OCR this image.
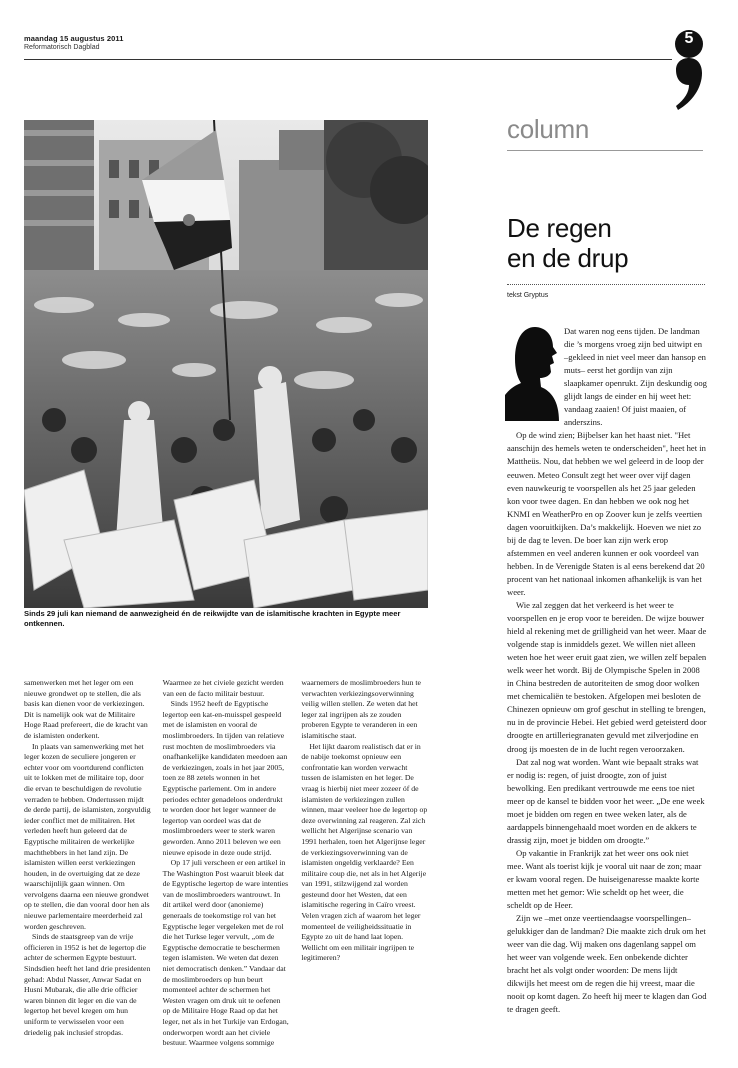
maandag 15 augustus 2011
Reformatorisch Dagblad
5
Sinds 29 juli kan niemand de aanwezigheid én de reikwijdte van de islamitische krachten in Egypte meer ontkennen.
column
De regen
en de drup
tekst Gryptus

Dat waren nog eens tijden. De landman die ’s morgens vroeg zijn bed uitwipt en –gekleed in niet veel meer dan hansop en muts– eerst het gordijn van zijn slaapkamer openrukt. Zijn deskundig oog glijdt langs de einder en hij weet het: vandaag zaaien! Of juist maaien, of anderszins.

Op de wind zien; Bijbelser kan het haast niet. "Het aanschijn des hemels weten te onderscheiden", heet het in Mattheüs. Nou, dat hebben we wel geleerd in de loop der eeuwen. Meteo Consult zegt het weer over vijf dagen even nauwkeurig te voorspellen als het 25 jaar geleden kon voor twee dagen. En dan hebben we ook nog het KNMI en WeatherPro en op Zoover kun je zelfs veertien dagen vooruitkijken. Da’s makkelijk. Hoeven we niet zo bij de dag te leven. De boer kan zijn werk erop afstemmen en veel anderen kunnen er ook voordeel van hebben. In de Verenigde Staten is al eens berekend dat 20 procent van het nationaal inkomen afhankelijk is van het weer.

Wie zal zeggen dat het verkeerd is het weer te voorspellen en je erop voor te bereiden. De wijze bouwer hield al rekening met de grilligheid van het weer. Maar de volgende stap is inmiddels gezet. We willen niet alleen weten hoe het weer eruit gaat zien, we willen zelf bepalen welk weer het wordt. Bij de Olympische Spelen in 2008 in China bestreden de autoriteiten de smog door wolken met chemicaliën te bestoken. Afgelopen mei besloten de Chinezen opnieuw om grof geschut in stelling te brengen, nu in de provincie Hebei. Het gebied werd geteisterd door droogte en artilleriegranaten gevuld met zilverjodine en droog ijs moesten de in de lucht regen veroorzaken.

Dat zal nog wat worden. Want wie bepaalt straks wat er nodig is: regen, of juist droogte, zon of juist bewolking. Een predikant vertrouwde me eens toe niet meer op de kansel te bidden voor het weer. „De ene week moet je bidden om regen en twee weken later, als de aardappels binnengehaald moet worden en de akkers te drassig zijn, moet je bidden om droogte.”

Op vakantie in Frankrijk zat het weer ons ook niet mee. Want als toerist kijk je vooral uit naar de zon; maar er kwam vooral regen. De huiseigenaresse maakte korte metten met het gemor: Wie scheldt op het weer, die scheldt op de Heer.

Zijn we –met onze veertiendaagse voorspellingen– gelukkiger dan de landman? Die maakte zich druk om het weer van die dag. Wij maken ons dagenlang sappel om het weer van volgende week. Een onbekende dichter bracht het als volgt onder woorden: De mens lijdt dikwijls het meest om de regen die hij vreest, maar die nooit op komt dagen. Zo heeft hij meer te klagen dan God te dragen geeft.

samenwerken met het leger om een nieuwe grondwet op te stellen, die als basis kan dienen voor de verkiezingen. Dit is namelijk ook wat de Militaire Hoge Raad prefereert, die de kracht van de islamisten onderkent.

In plaats van samenwerking met het leger kozen de seculiere jongeren er echter voor om voortdurend conflicten uit te lokken met de militaire top, door die ervan te beschuldigen de revolutie verraden te hebben. Ondertussen mijdt de derde partij, de islamisten, zorgvuldig ieder conflict met de militairen. Het verleden heeft hun geleerd dat de Egyptische militairen de werkelijke machthebbers in het land zijn. De islamisten willen eerst verkiezingen houden, in de overtuiging dat ze deze waarschijnlijk gaan winnen. Om vervolgens daarna een nieuwe grondwet op te stellen, die dan vooral door hen als nieuwe parlementaire meerderheid zal worden geschreven.

Sinds de staatsgreep van de vrije officieren in 1952 is het de legertop die achter de schermen Egypte bestuurt. Sindsdien heeft het land drie presidenten gehad: Abdul Nasser, Anwar Sadat en Husni Mubarak, die alle drie officier waren binnen dit leger en die van de legertop het bevel kregen om hun uniform te verwisselen voor een driedelig pak inclusief stropdas. Waarmee ze het civiele gezicht werden van een de facto militair bestuur.

Sinds 1952 heeft de Egyptische legertop een kat-en-muisspel gespeeld met de islamisten en vooral de moslimbroeders. In tijden van relatieve rust mochten de moslimbroeders via onafhankelijke kandidaten meedoen aan de verkiezingen, zoals in het jaar 2005, toen ze 88 zetels wonnen in het Egyptische parlement. Om in andere periodes echter genadeloos onderdrukt te worden door het leger wanneer de legertop van oordeel was dat de moslimbroeders weer te sterk waren geworden. Anno 2011 beleven we een nieuwe episode in deze oude strijd.

Op 17 juli verscheen er een artikel in The Washington Post waaruit bleek dat de Egyptische legertop de ware intenties van de moslimbroeders wantrouwt. In dit artikel werd door (anonieme) generaals de toekomstige rol van het Egyptische leger vergeleken met de rol die het Turkse leger vervult, „om de Egyptische democratie te beschermen tegen islamisten. We weten dat dezen niet democratisch denken.” Vandaar dat de moslimbroeders op hun beurt momenteel achter de schermen het Westen vragen om druk uit te oefenen op de Militaire Hoge Raad op dat het leger, net als in het Turkije van Erdogan, onderworpen wordt aan het civiele bestuur. Waarmee volgens sommige waarnemers de moslimbroeders hun te verwachten verkiezingsoverwinning veilig willen stellen. Ze weten dat het leger zal ingrijpen als ze zouden proberen Egypte te veranderen in een islamitische staat.

Het lijkt daarom realistisch dat er in de nabije toekomst opnieuw een confrontatie kan worden verwacht tussen de islamisten en het leger. De vraag is hierbij niet meer zozeer óf de islamisten de verkiezingen zullen winnen, maar veeleer hoe de legertop op deze overwinning zal reageren. Zal zich wellicht het Algerijnse scenario van 1991 herhalen, toen het Algerijnse leger de verkiezingsoverwinning van de islamisten ongeldig verklaarde? Een militaire coup die, net als in het Algerije van 1991, stilzwijgend zal worden gesteund door het Westen, dat een islamitische regering in Caïro vreest. Velen vragen zich af waarom het leger momenteel de veiligheidssituatie in Egypte zo uit de hand laat lopen. Wellicht om een militair ingrijpen te legitimeren?
